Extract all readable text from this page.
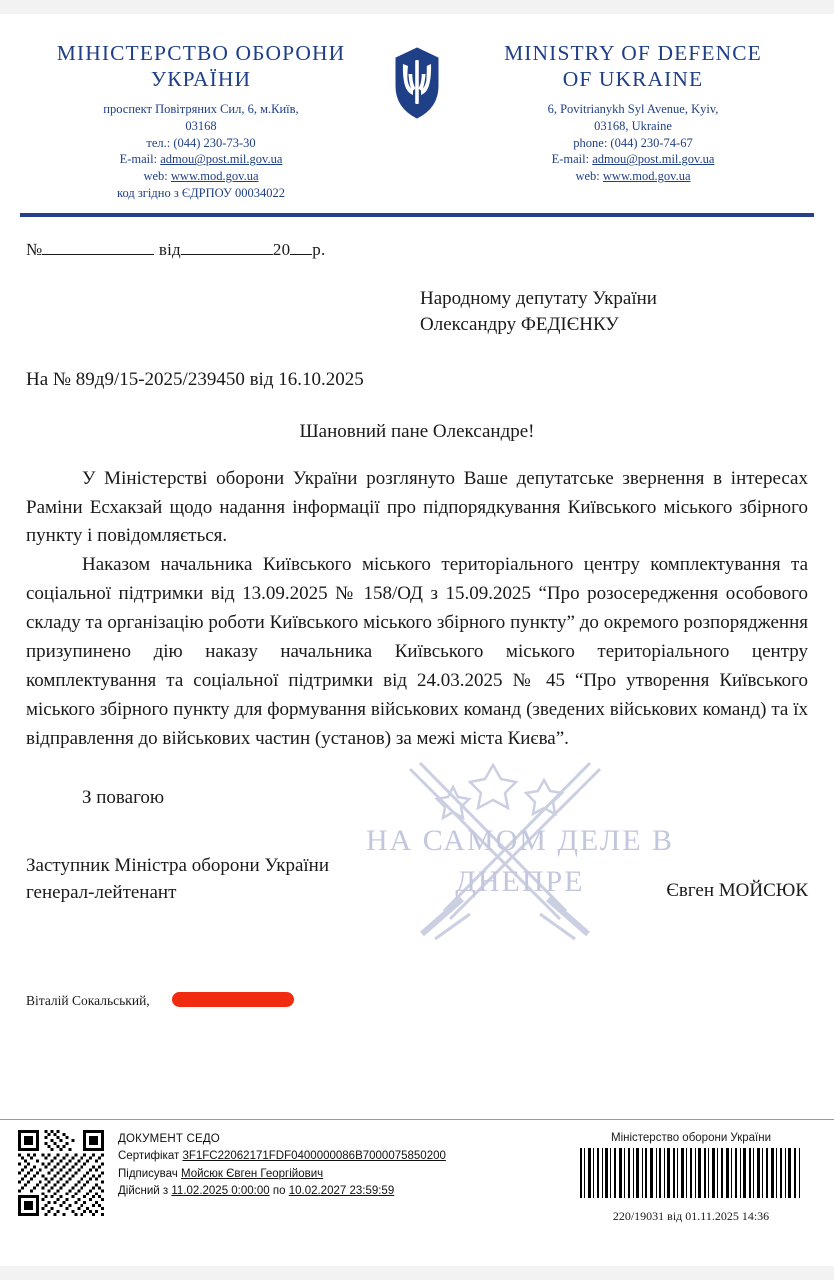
МІНІСТЕРСТВО ОБОРОНИ
УКРАЇНИ
проспект Повітряних Сил, 6, м.Київ,
03168
тел.: (044) 230-73-30
E-mail: admou@post.mil.gov.ua
web: www.mod.gov.ua
код згідно з ЄДРПОУ 00034022
MINISTRY OF DEFENCE
OF UKRAINE
6, Povitrianykh Syl Avenue, Kyiv,
03168, Ukraine
phone: (044) 230-74-67
E-mail: admou@post.mil.gov.ua
web: www.mod.gov.ua
№	від	20 р.
Народному депутату України
Олександру ФЕДІЄНКУ
На № 89д9/15-2025/239450 від 16.10.2025
Шановний пане Олександре!

У Міністерстві оборони України розглянуто Ваше депутатське звернення в інтересах Раміни Есхакзай щодо надання інформації про підпорядкування Київського міського збірного пункту і повідомляється.

Наказом начальника Київського міського територіального центру комплектування та соціальної підтримки від 13.09.2025 № 158/ОД з 15.09.2025 “Про розосередження особового складу та організацію роботи Київського міського збірного пункту” до окремого розпорядження призупинено дію наказу начальника Київського міського територіального центру комплектування та соціальної підтримки від 24.03.2025 № 45 “Про утворення Київського міського збірного пункту для формування військових команд (зведених військових команд) та їх відправлення до військових частин (установ) за межі міста Києва”.

З повагою
Заступник Міністра оборони України
генерал-лейтенант	Євген МОЙСЮК
Віталій Сокальський,
НА САМОМ ДЕЛЕ В
ДНЕПРЕ
ДОКУМЕНТ СЕДО
Сертифікат 3F1FC22062171FDF0400000086B7000075850200
Підписувач Мойсюк Євген Георгійович
Дійсний з 11.02.2025 0:00:00 по 10.02.2027 23:59:59
Міністерство оборони України
220/19031 від 01.11.2025 14:36
